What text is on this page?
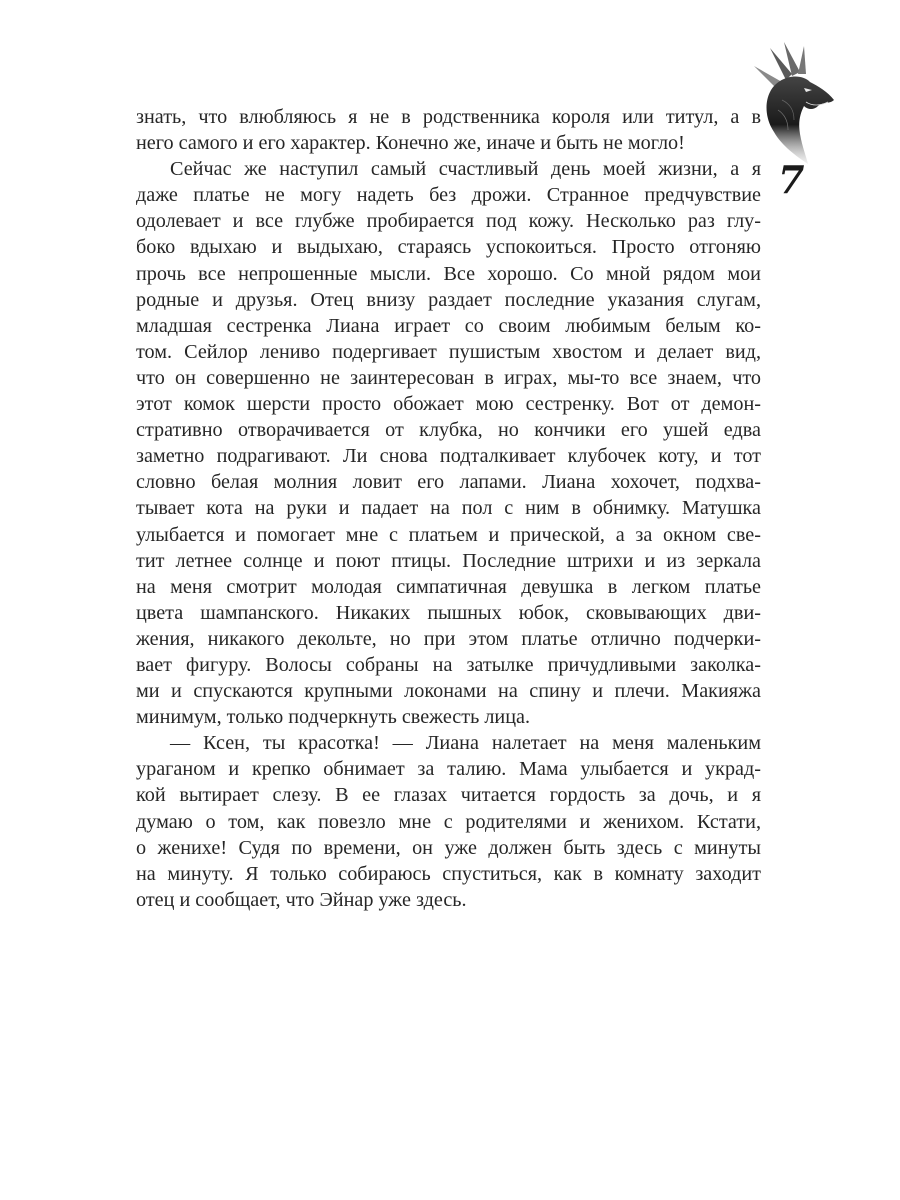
7
знать, что влюбляюсь я не в родственника короля или титул, а в
него самого и его характер. Конечно же, иначе и быть не могло!
Сейчас же наступил самый счастливый день моей жизни, а я
даже платье не могу надеть без дрожи. Странное предчувствие
одолевает и все глубже пробирается под кожу. Несколько раз глу-
боко вдыхаю и выдыхаю, стараясь успокоиться. Просто отгоняю
прочь все непрошенные мысли. Все хорошо. Со мной рядом мои
родные и друзья. Отец внизу раздает последние указания слугам,
младшая сестренка Лиана играет со своим любимым белым ко-
том. Сейлор лениво подергивает пушистым хвостом и делает вид,
что он совершенно не заинтересован в играх, мы-то все знаем, что
этот комок шерсти просто обожает мою сестренку. Вот от демон-
стративно отворачивается от клубка, но кончики его ушей едва
заметно подрагивают. Ли снова подталкивает клубочек коту, и тот
словно белая молния ловит его лапами. Лиана хохочет, подхва-
тывает кота на руки и падает на пол с ним в обнимку. Матушка
улыбается и помогает мне с платьем и прической, а за окном све-
тит летнее солнце и поют птицы. Последние штрихи и из зеркала
на меня смотрит молодая симпатичная девушка в легком платье
цвета шампанского. Никаких пышных юбок, сковывающих дви-
жения, никакого декольте, но при этом платье отлично подчерки-
вает фигуру. Волосы собраны на затылке причудливыми заколка-
ми и спускаются крупными локонами на спину и плечи. Макияжа
минимум, только подчеркнуть свежесть лица.
— Ксен, ты красотка! — Лиана налетает на меня маленьким
ураганом и крепко обнимает за талию. Мама улыбается и украд-
кой вытирает слезу. В ее глазах читается гордость за дочь, и я
думаю о том, как повезло мне с родителями и женихом. Кстати,
о женихе! Судя по времени, он уже должен быть здесь с минуты
на минуту. Я только собираюсь спуститься, как в комнату заходит
отец и сообщает, что Эйнар уже здесь.
